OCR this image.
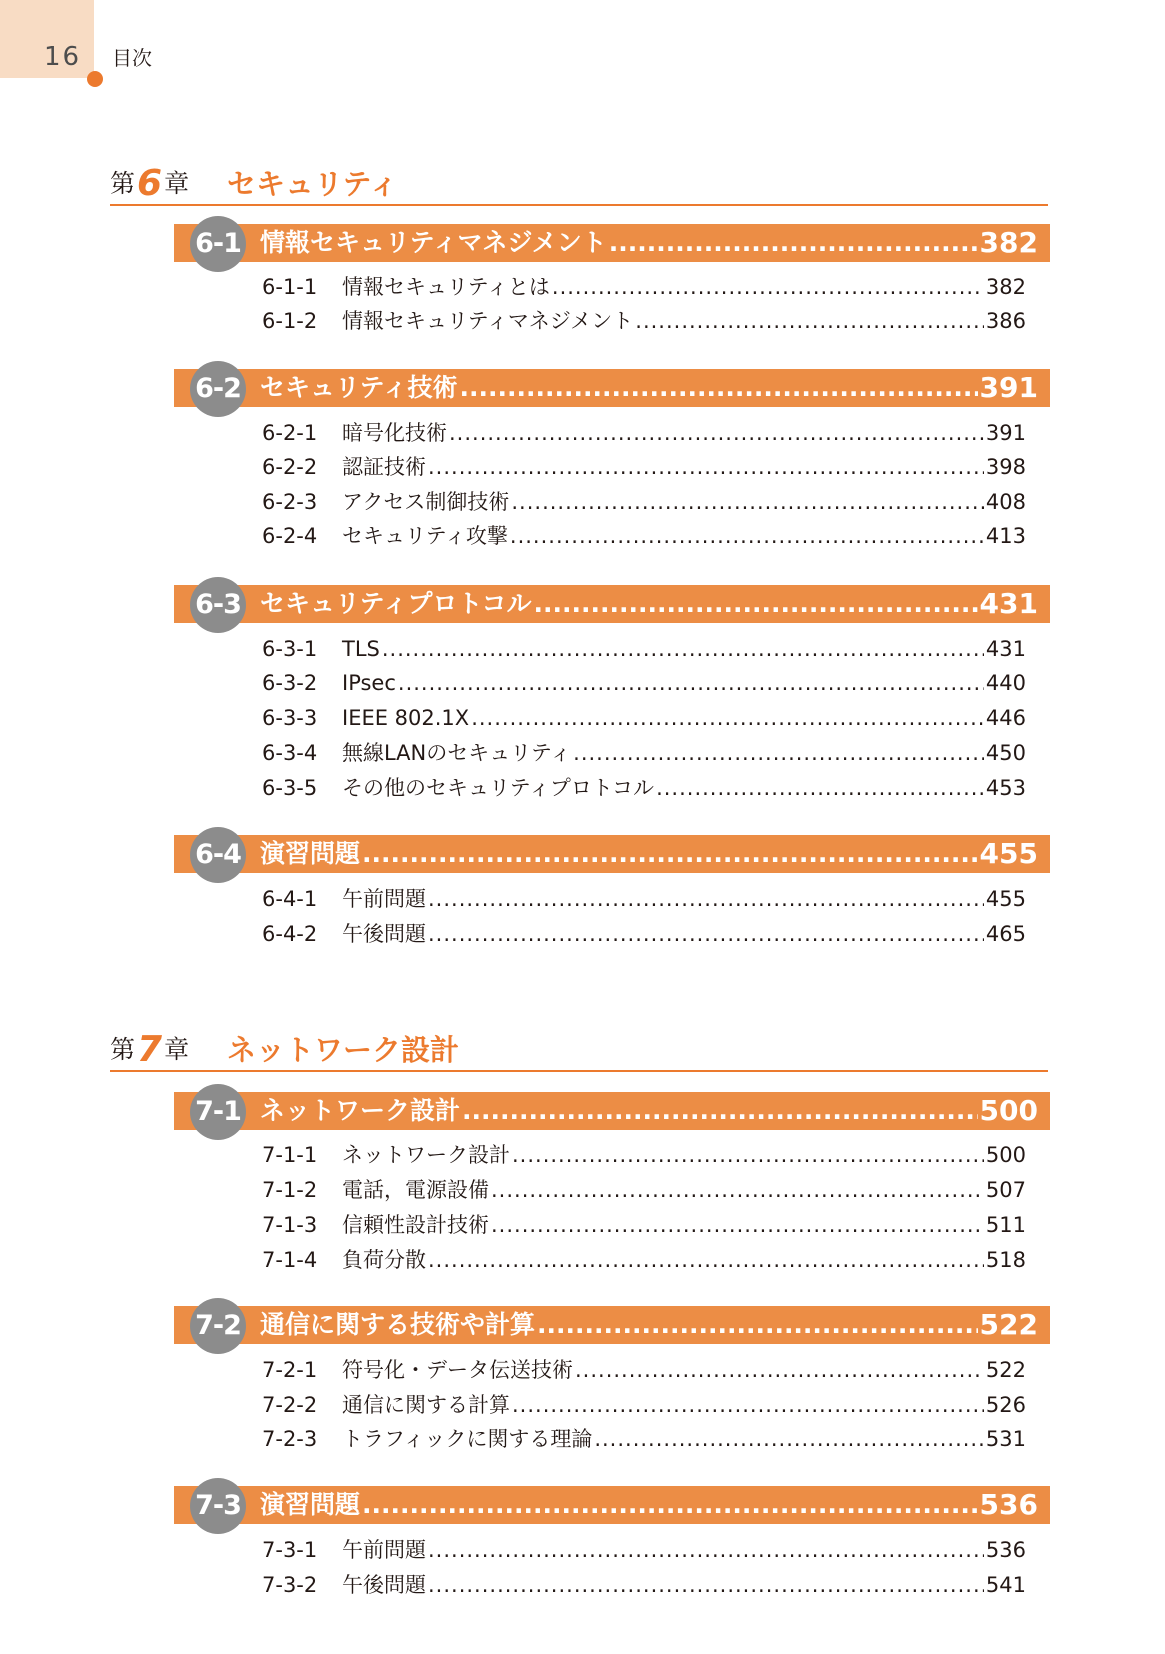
16 目次
第6章 セキュリティ
6-1 情報セキュリティマネジメント .....	382
6-1-1	情報セキュリティとは .....	382
6-1-2	情報セキュリティマネジメント .....	386
6-2 セキュリティ技術 .....	391
6-2-1	暗号化技術 .....	391
6-2-2	認証技術 .....	398
6-2-3	アクセス制御技術 .....	408
6-2-4	セキュリティ攻撃 .....	413
6-3 セキュリティプロトコル .....	431
6-3-1	TLS .....	431
6-3-2	IPsec .....	440
6-3-3	IEEE 802.1X .....	446
6-3-4	無線LANのセキュリティ .....	450
6-3-5	その他のセキュリティプロトコル .....	453
6-4 演習問題 .....	455
6-4-1	午前問題 .....	455
6-4-2	午後問題 .....	465
第7章 ネットワーク設計
7-1 ネットワーク設計 .....	500
7-1-1	ネットワーク設計 .....	500
7-1-2	電話，電源設備 .....	507
7-1-3	信頼性設計技術 .....	511
7-1-4	負荷分散 .....	518
7-2 通信に関する技術や計算 .....	522
7-2-1	符号化・データ伝送技術 .....	522
7-2-2	通信に関する計算 .....	526
7-2-3	トラフィックに関する理論 .....	531
7-3 演習問題 .....	536
7-3-1	午前問題 .....	536
7-3-2	午後問題 .....	541
